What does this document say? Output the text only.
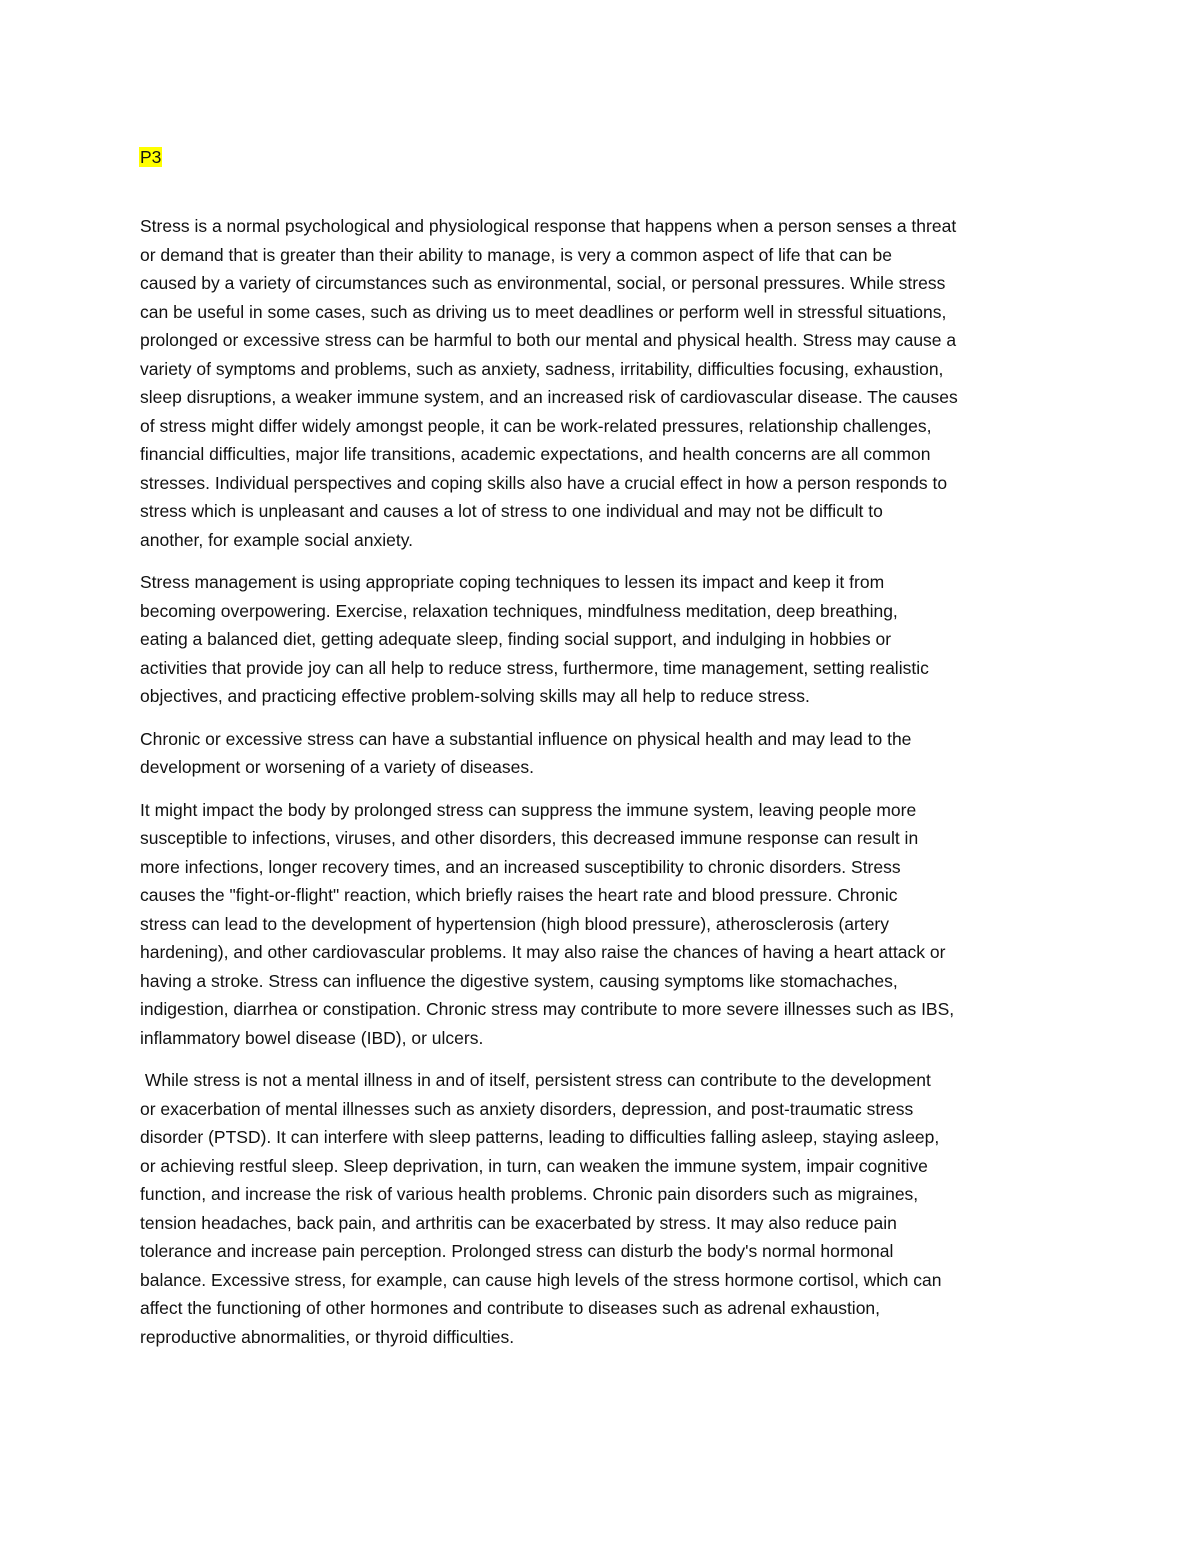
P3

Stress is a normal psychological and physiological response that happens when a person senses a threat
or demand that is greater than their ability to manage, is very a common aspect of life that can be
caused by a variety of circumstances such as environmental, social, or personal pressures. While stress
can be useful in some cases, such as driving us to meet deadlines or perform well in stressful situations,
prolonged or excessive stress can be harmful to both our mental and physical health. Stress may cause a
variety of symptoms and problems, such as anxiety, sadness, irritability, difficulties focusing, exhaustion,
sleep disruptions, a weaker immune system, and an increased risk of cardiovascular disease. The causes
of stress might differ widely amongst people, it can be work-related pressures, relationship challenges,
financial difficulties, major life transitions, academic expectations, and health concerns are all common
stresses. Individual perspectives and coping skills also have a crucial effect in how a person responds to
stress which is unpleasant and causes a lot of stress to one individual and may not be difficult to
another, for example social anxiety.

Stress management is using appropriate coping techniques to lessen its impact and keep it from
becoming overpowering. Exercise, relaxation techniques, mindfulness meditation, deep breathing,
eating a balanced diet, getting adequate sleep, finding social support, and indulging in hobbies or
activities that provide joy can all help to reduce stress, furthermore, time management, setting realistic
objectives, and practicing effective problem-solving skills may all help to reduce stress.

Chronic or excessive stress can have a substantial influence on physical health and may lead to the
development or worsening of a variety of diseases.

It might impact the body by prolonged stress can suppress the immune system, leaving people more
susceptible to infections, viruses, and other disorders, this decreased immune response can result in
more infections, longer recovery times, and an increased susceptibility to chronic disorders. Stress
causes the "fight-or-flight" reaction, which briefly raises the heart rate and blood pressure. Chronic
stress can lead to the development of hypertension (high blood pressure), atherosclerosis (artery
hardening), and other cardiovascular problems. It may also raise the chances of having a heart attack or
having a stroke. Stress can influence the digestive system, causing symptoms like stomachaches,
indigestion, diarrhea or constipation. Chronic stress may contribute to more severe illnesses such as IBS,
inflammatory bowel disease (IBD), or ulcers.

While stress is not a mental illness in and of itself, persistent stress can contribute to the development
or exacerbation of mental illnesses such as anxiety disorders, depression, and post-traumatic stress
disorder (PTSD). It can interfere with sleep patterns, leading to difficulties falling asleep, staying asleep,
or achieving restful sleep. Sleep deprivation, in turn, can weaken the immune system, impair cognitive
function, and increase the risk of various health problems. Chronic pain disorders such as migraines,
tension headaches, back pain, and arthritis can be exacerbated by stress. It may also reduce pain
tolerance and increase pain perception. Prolonged stress can disturb the body's normal hormonal
balance. Excessive stress, for example, can cause high levels of the stress hormone cortisol, which can
affect the functioning of other hormones and contribute to diseases such as adrenal exhaustion,
reproductive abnormalities, or thyroid difficulties.
